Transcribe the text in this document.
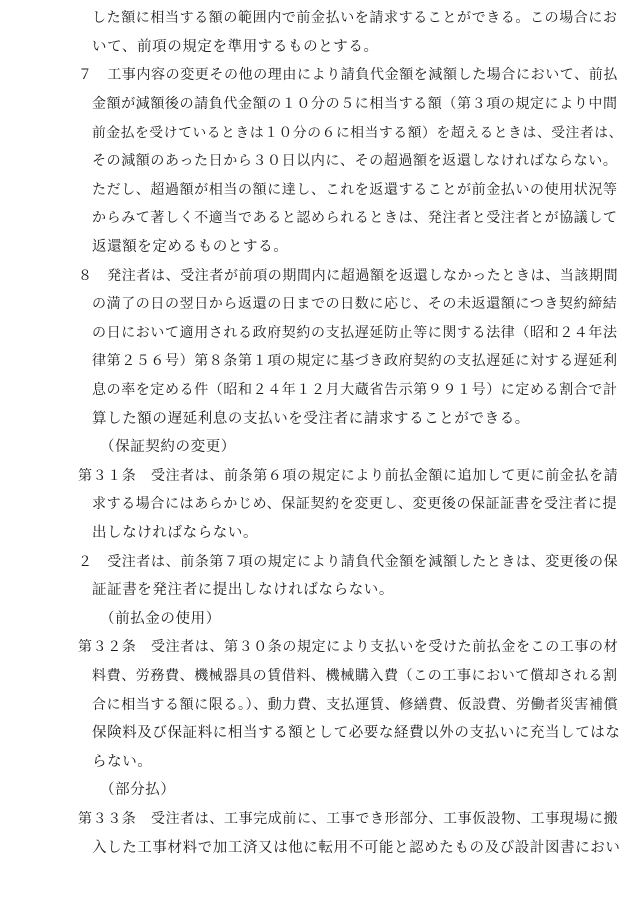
した額に相当する額の範囲内で前金払いを請求することができる。この場合にお
いて、前項の規定を準用するものとする。
７　工事内容の変更その他の理由により請負代金額を減額した場合において、前払
金額が減額後の請負代金額の１０分の５に相当する額（第３項の規定により中間
前金払を受けているときは１０分の６に相当する額）を超えるときは、受注者は、
その減額のあった日から３０日以内に、その超過額を返還しなければならない。
ただし、超過額が相当の額に達し、これを返還することが前金払いの使用状況等
からみて著しく不適当であると認められるときは、発注者と受注者とが協議して
返還額を定めるものとする。
８　発注者は、受注者が前項の期間内に超過額を返還しなかったときは、当該期間
の満了の日の翌日から返還の日までの日数に応じ、その未返還額につき契約締結
の日において適用される政府契約の支払遅延防止等に関する法律（昭和２４年法
律第２５６号）第８条第１項の規定に基づき政府契約の支払遅延に対する遅延利
息の率を定める件（昭和２４年１２月大蔵省告示第９９１号）に定める割合で計
算した額の遅延利息の支払いを受注者に請求することができる。
（保証契約の変更）
第３１条　受注者は、前条第６項の規定により前払金額に追加して更に前金払を請
求する場合にはあらかじめ、保証契約を変更し、変更後の保証証書を受注者に提
出しなければならない。
２　受注者は、前条第７項の規定により請負代金額を減額したときは、変更後の保
証証書を発注者に提出しなければならない。
（前払金の使用）
第３２条　受注者は、第３０条の規定により支払いを受けた前払金をこの工事の材
料費、労務費、機械器具の賃借料、機械購入費（この工事において償却される割
合に相当する額に限る。）、動力費、支払運賃、修繕費、仮設費、労働者災害補償
保険料及び保証料に相当する額として必要な経費以外の支払いに充当してはな
らない。
（部分払）
第３３条　受注者は、工事完成前に、工事でき形部分、工事仮設物、工事現場に搬
入した工事材料で加工済又は他に転用不可能と認めたもの及び設計図書におい
